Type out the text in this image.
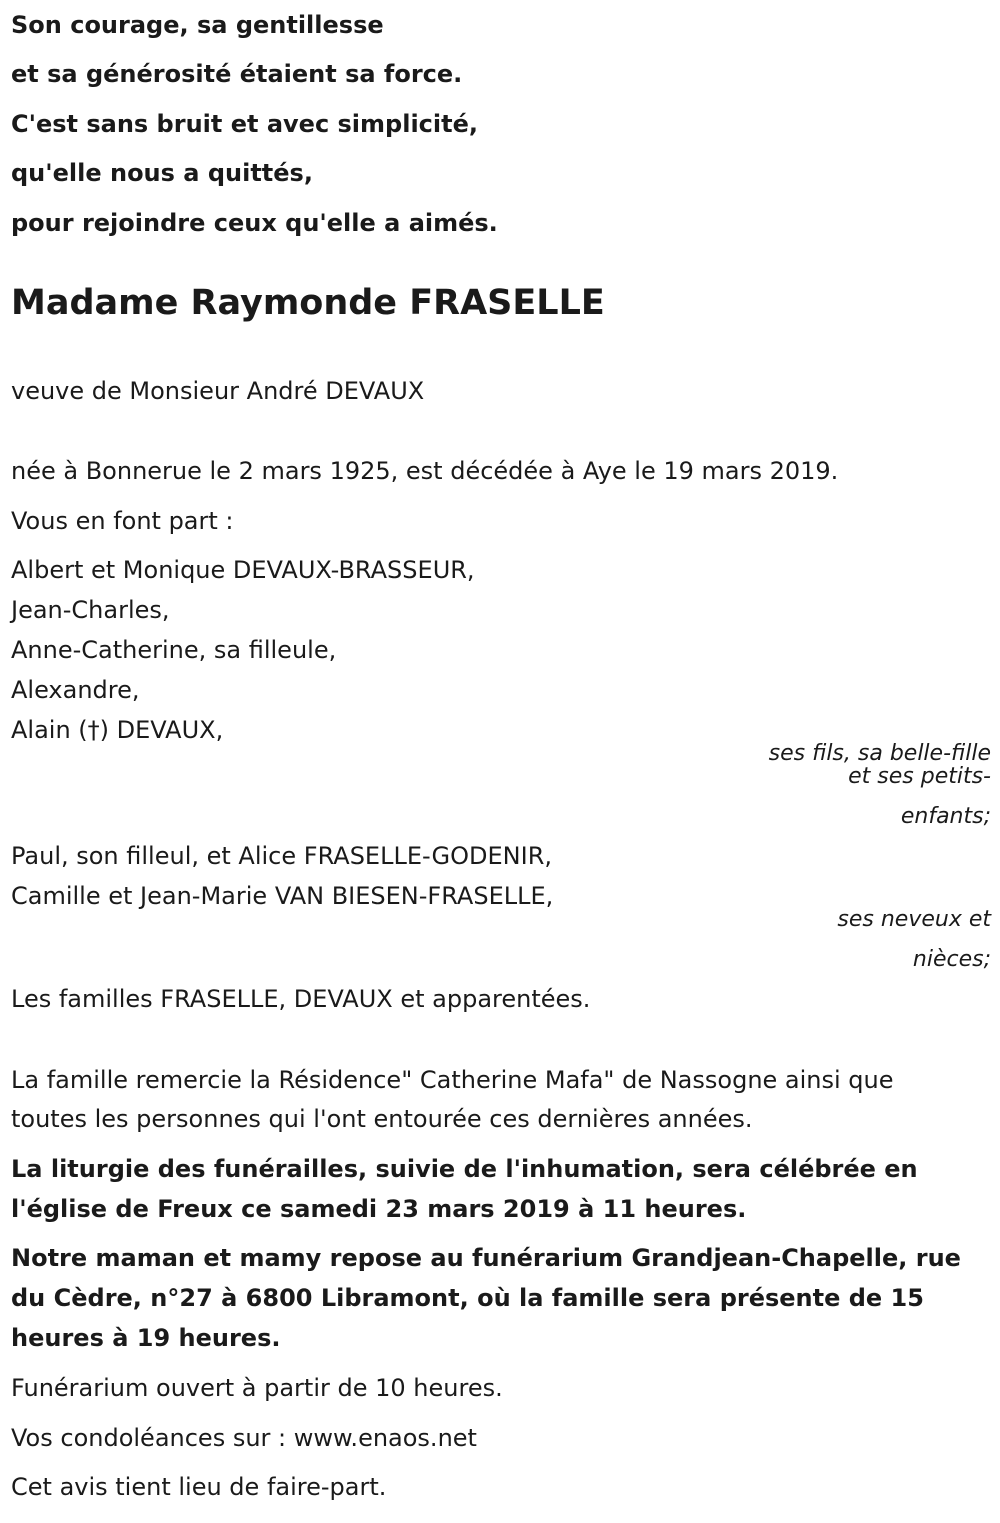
Son courage, sa gentillesse
et sa générosité étaient sa force.
C'est sans bruit et avec simplicité,
qu'elle nous a quittés,
pour rejoindre ceux qu'elle a aimés.
Madame Raymonde FRASELLE
veuve de Monsieur André DEVAUX
née à Bonnerue le 2 mars 1925, est décédée à Aye le 19 mars 2019.
Vous en font part :
Albert et Monique DEVAUX-BRASSEUR,
Jean-Charles,
Anne-Catherine, sa filleule,
Alexandre,
Alain (†) DEVAUX,
ses fils, sa belle-fille
et ses petits-
enfants;
Paul, son filleul, et Alice FRASELLE-GODENIR,
Camille et Jean-Marie VAN BIESEN-FRASELLE,
ses neveux et
nièces;
Les familles FRASELLE, DEVAUX et apparentées.
La famille remercie la Résidence" Catherine Mafa" de Nassogne ainsi que
toutes les personnes qui l'ont entourée ces dernières années.
La liturgie des funérailles, suivie de l'inhumation, sera célébrée en
l'église de Freux ce samedi 23 mars 2019 à 11 heures.
Notre maman et mamy repose au funérarium Grandjean-Chapelle, rue
du Cèdre, n°27 à 6800 Libramont, où la famille sera présente de 15
heures à 19 heures.
Funérarium ouvert à partir de 10 heures.
Vos condoléances sur : www.enaos.net
Cet avis tient lieu de faire-part.
